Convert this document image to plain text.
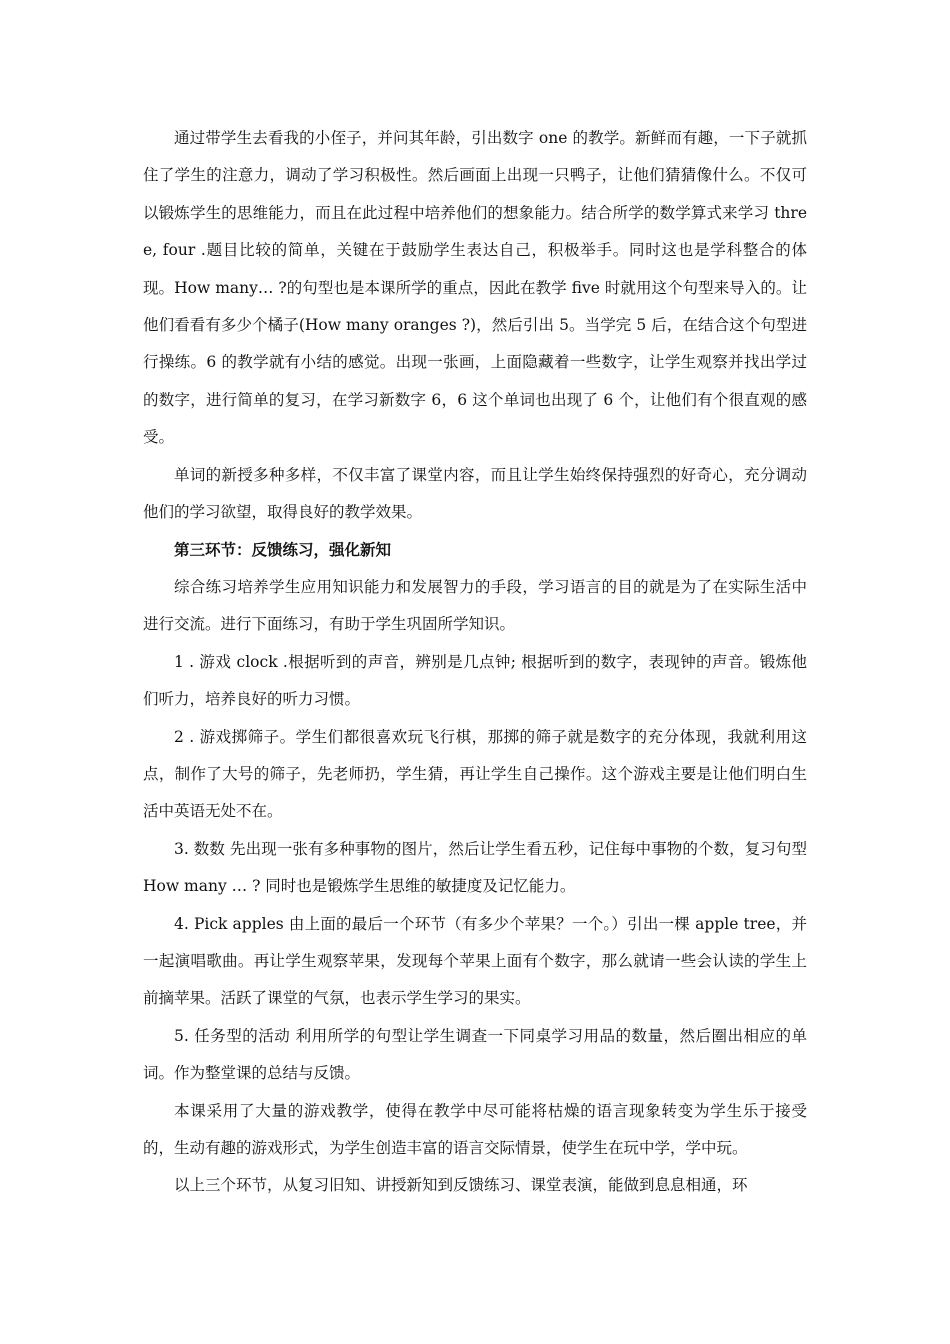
通过带学生去看我的小侄子，并问其年龄，引出数字 one 的教学。新鲜而有趣，一下子就抓住了学生的注意力，调动了学习积极性。然后画面上出现一只鸭子，让他们猜猜像什么。不仅可以锻炼学生的思维能力，而且在此过程中培养他们的想象能力。结合所学的数学算式来学习 three, four .题目比较的简单，关键在于鼓励学生表达自己，积极举手。同时这也是学科整合的体现。How many… ?的句型也是本课所学的重点，因此在教学 five 时就用这个句型来导入的。让他们看看有多少个橘子(How many oranges ?)，然后引出 5。当学完 5 后，在结合这个句型进行操练。6 的教学就有小结的感觉。出现一张画，上面隐藏着一些数字，让学生观察并找出学过的数字，进行简单的复习，在学习新数字 6，6 这个单词也出现了 6 个，让他们有个很直观的感受。

单词的新授多种多样，不仅丰富了课堂内容，而且让学生始终保持强烈的好奇心，充分调动他们的学习欲望，取得良好的教学效果。

第三环节：反馈练习，强化新知

综合练习培养学生应用知识能力和发展智力的手段，学习语言的目的就是为了在实际生活中进行交流。进行下面练习，有助于学生巩固所学知识。

1 . 游戏 clock .根据听到的声音，辨别是几点钟; 根据听到的数字，表现钟的声音。锻炼他们听力，培养良好的听力习惯。

2 . 游戏掷筛子。学生们都很喜欢玩飞行棋，那掷的筛子就是数字的充分体现，我就利用这点，制作了大号的筛子，先老师扔，学生猜，再让学生自己操作。这个游戏主要是让他们明白生活中英语无处不在。

3. 数数 先出现一张有多种事物的图片，然后让学生看五秒，记住每中事物的个数，复习句型 How many … ? 同时也是锻炼学生思维的敏捷度及记忆能力。

4. Pick apples 由上面的最后一个环节（有多少个苹果？一个。）引出一棵 apple tree，并一起演唱歌曲。再让学生观察苹果，发现每个苹果上面有个数字，那么就请一些会认读的学生上前摘苹果。活跃了课堂的气氛，也表示学生学习的果实。

5. 任务型的活动 利用所学的句型让学生调查一下同桌学习用品的数量，然后圈出相应的单词。作为整堂课的总结与反馈。

本课采用了大量的游戏教学，使得在教学中尽可能将枯燥的语言现象转变为学生乐于接受的，生动有趣的游戏形式，为学生创造丰富的语言交际情景，使学生在玩中学，学中玩。

以上三个环节，从复习旧知、讲授新知到反馈练习、课堂表演，能做到息息相通，环
